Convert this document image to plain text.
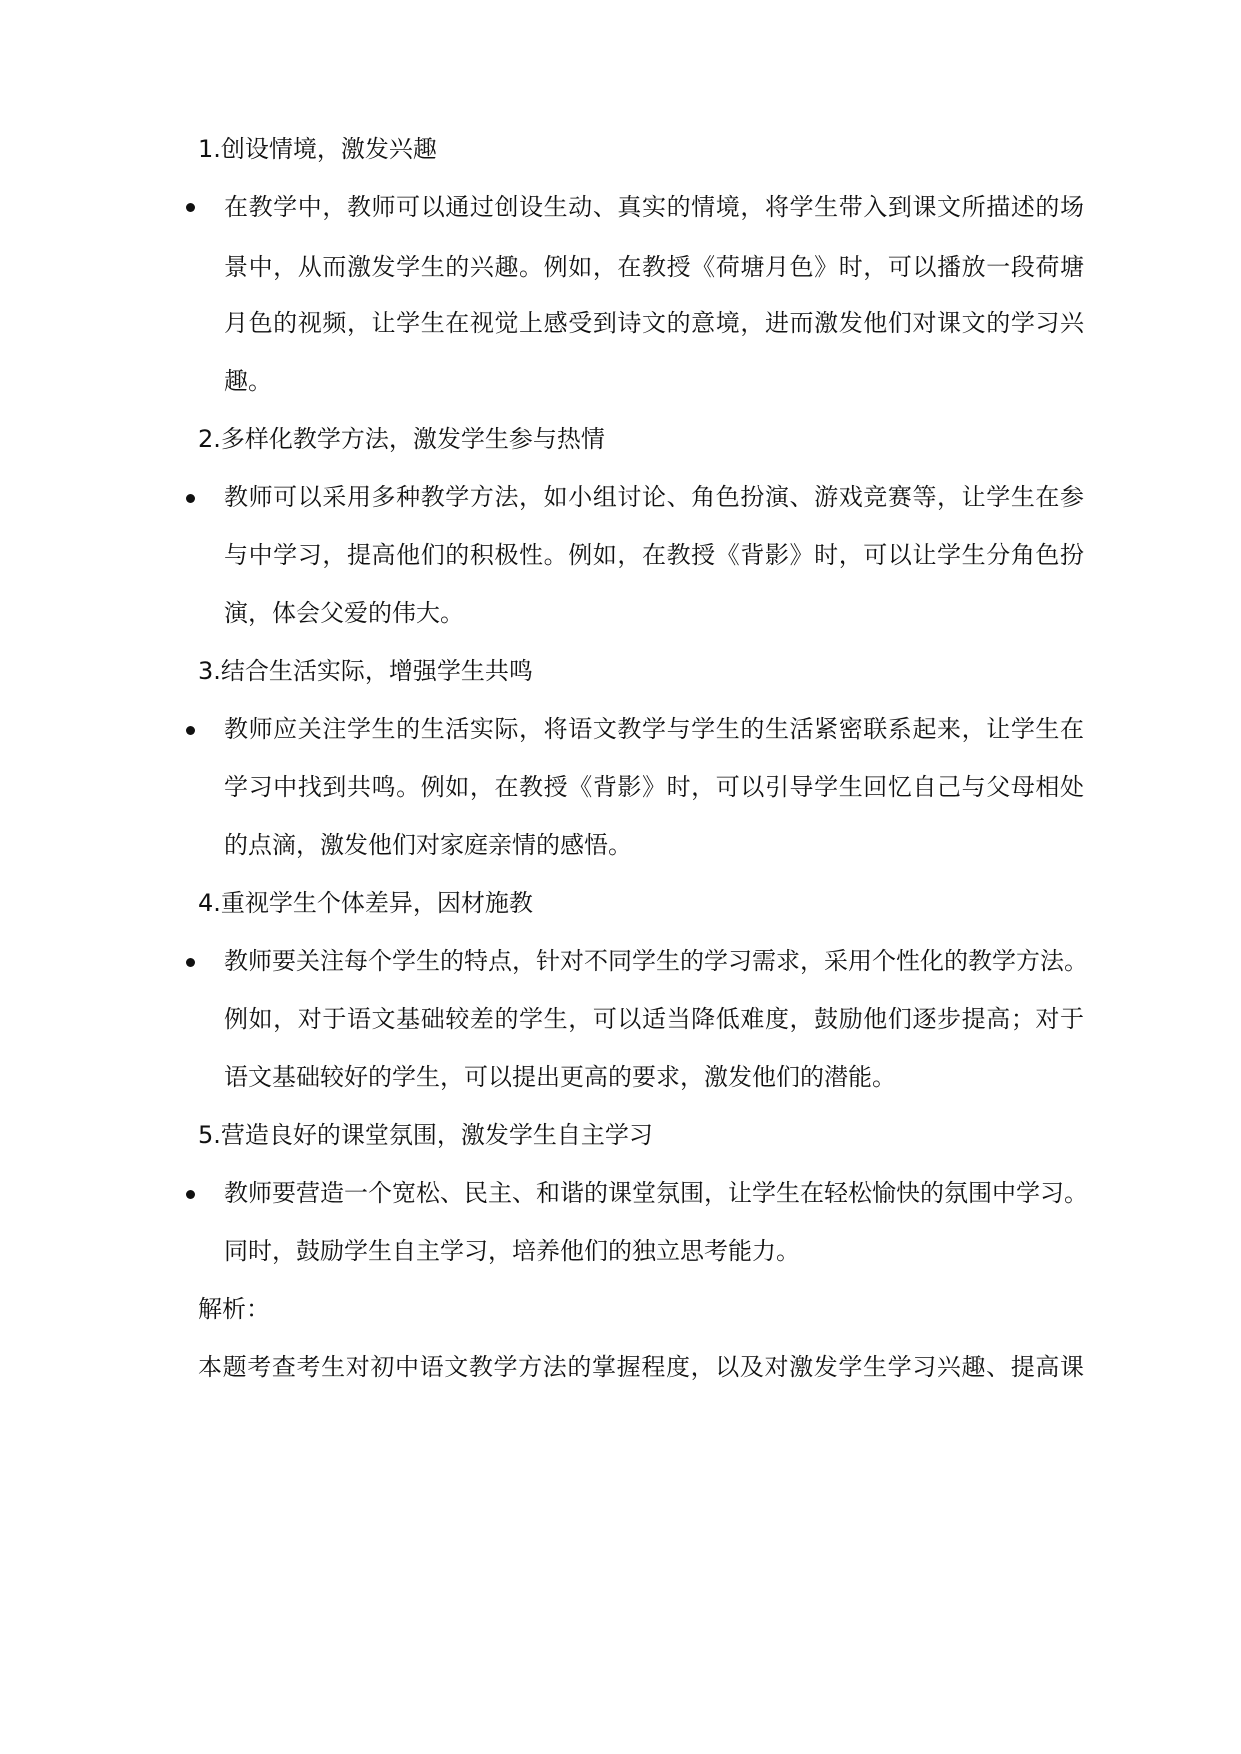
1.创设情境，激发兴趣
在教学中，教师可以通过创设生动、真实的情境，将学生带入到课文所描述的场
景中，从而激发学生的兴趣。例如，在教授《荷塘月色》时，可以播放一段荷塘
月色的视频，让学生在视觉上感受到诗文的意境，进而激发他们对课文的学习兴
趣。
2.多样化教学方法，激发学生参与热情
教师可以采用多种教学方法，如小组讨论、角色扮演、游戏竞赛等，让学生在参
与中学习，提高他们的积极性。例如，在教授《背影》时，可以让学生分角色扮
演，体会父爱的伟大。
3.结合生活实际，增强学生共鸣
教师应关注学生的生活实际，将语文教学与学生的生活紧密联系起来，让学生在
学习中找到共鸣。例如，在教授《背影》时，可以引导学生回忆自己与父母相处
的点滴，激发他们对家庭亲情的感悟。
4.重视学生个体差异，因材施教
教师要关注每个学生的特点，针对不同学生的学习需求，采用个性化的教学方法。
例如，对于语文基础较差的学生，可以适当降低难度，鼓励他们逐步提高；对于
语文基础较好的学生，可以提出更高的要求，激发他们的潜能。
5.营造良好的课堂氛围，激发学生自主学习
教师要营造一个宽松、民主、和谐的课堂氛围，让学生在轻松愉快的氛围中学习。
同时，鼓励学生自主学习，培养他们的独立思考能力。
解析：
本题考查考生对初中语文教学方法的掌握程度，以及对激发学生学习兴趣、提高课
